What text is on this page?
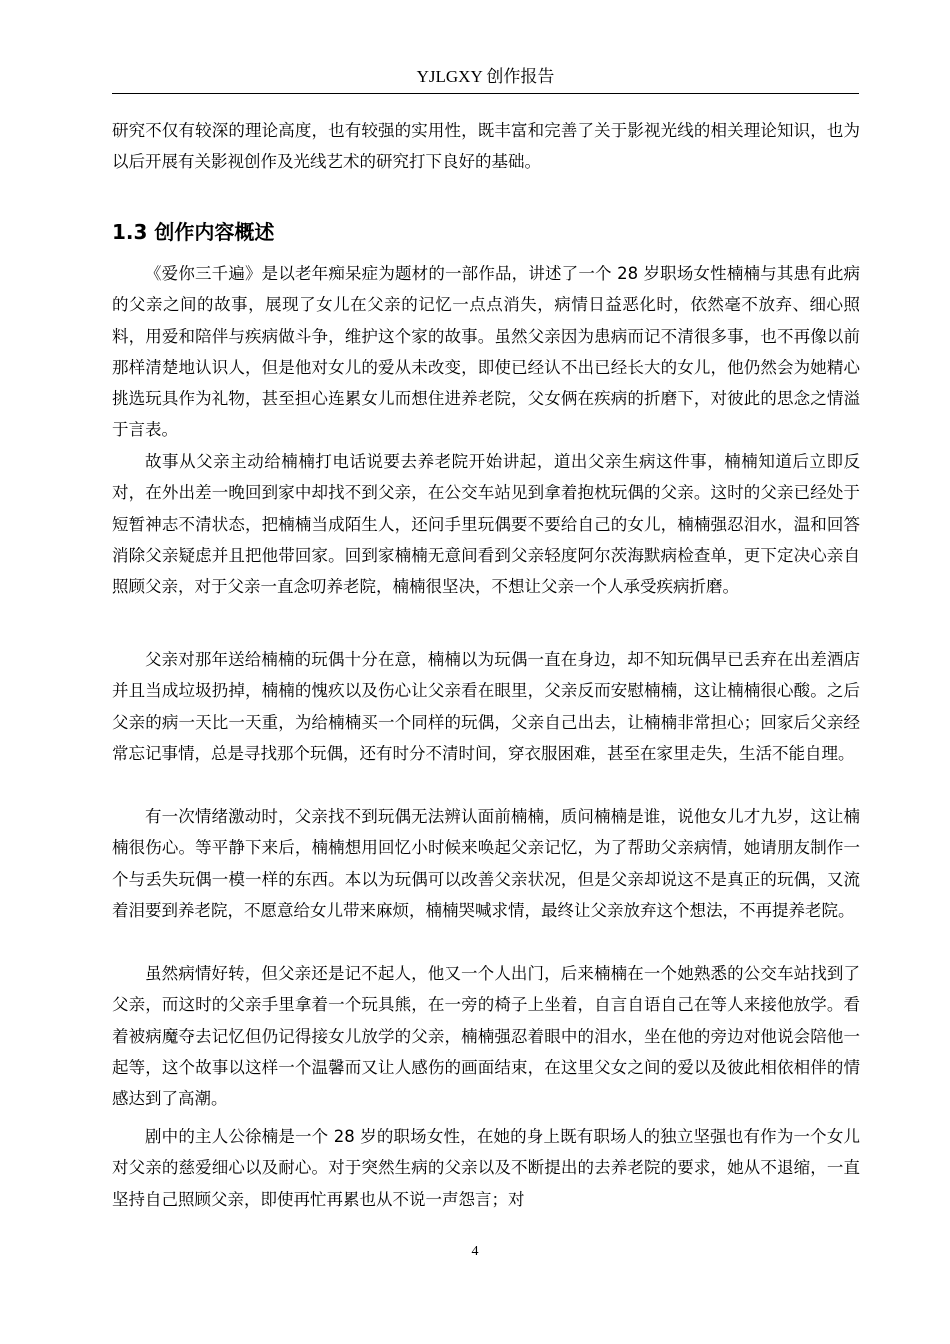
YJLGXY 创作报告

研究不仅有较深的理论高度，也有较强的实用性，既丰富和完善了关于影视光线的相关理论知识，也为以后开展有关影视创作及光线艺术的研究打下良好的基础。

1.3 创作内容概述

《爱你三千遍》是以老年痴呆症为题材的一部作品，讲述了一个 28 岁职场女性楠楠与其患有此病的父亲之间的故事，展现了女儿在父亲的记忆一点点消失，病情日益恶化时，依然毫不放弃、细心照料，用爱和陪伴与疾病做斗争，维护这个家的故事。虽然父亲因为患病而记不清很多事，也不再像以前那样清楚地认识人，但是他对女儿的爱从未改变，即使已经认不出已经长大的女儿，他仍然会为她精心挑选玩具作为礼物，甚至担心连累女儿而想住进养老院，父女俩在疾病的折磨下，对彼此的思念之情溢于言表。

故事从父亲主动给楠楠打电话说要去养老院开始讲起，道出父亲生病这件事，楠楠知道后立即反对，在外出差一晚回到家中却找不到父亲，在公交车站见到拿着抱枕玩偶的父亲。这时的父亲已经处于短暂神志不清状态，把楠楠当成陌生人，还问手里玩偶要不要给自己的女儿，楠楠强忍泪水，温和回答消除父亲疑虑并且把他带回家。回到家楠楠无意间看到父亲轻度阿尔茨海默病检查单，更下定决心亲自照顾父亲，对于父亲一直念叨养老院，楠楠很坚决，不想让父亲一个人承受疾病折磨。

父亲对那年送给楠楠的玩偶十分在意，楠楠以为玩偶一直在身边，却不知玩偶早已丢弃在出差酒店并且当成垃圾扔掉，楠楠的愧疚以及伤心让父亲看在眼里，父亲反而安慰楠楠，这让楠楠很心酸。之后父亲的病一天比一天重，为给楠楠买一个同样的玩偶，父亲自己出去，让楠楠非常担心；回家后父亲经常忘记事情，总是寻找那个玩偶，还有时分不清时间，穿衣服困难，甚至在家里走失，生活不能自理。

有一次情绪激动时，父亲找不到玩偶无法辨认面前楠楠，质问楠楠是谁，说他女儿才九岁，这让楠楠很伤心。等平静下来后，楠楠想用回忆小时候来唤起父亲记忆，为了帮助父亲病情，她请朋友制作一个与丢失玩偶一模一样的东西。本以为玩偶可以改善父亲状况，但是父亲却说这不是真正的玩偶，又流着泪要到养老院，不愿意给女儿带来麻烦，楠楠哭喊求情，最终让父亲放弃这个想法，不再提养老院。

虽然病情好转，但父亲还是记不起人，他又一个人出门，后来楠楠在一个她熟悉的公交车站找到了父亲，而这时的父亲手里拿着一个玩具熊，在一旁的椅子上坐着，自言自语自己在等人来接他放学。看着被病魔夺去记忆但仍记得接女儿放学的父亲，楠楠强忍着眼中的泪水，坐在他的旁边对他说会陪他一起等，这个故事以这样一个温馨而又让人感伤的画面结束，在这里父女之间的爱以及彼此相依相伴的情感达到了高潮。

剧中的主人公徐楠是一个 28 岁的职场女性，在她的身上既有职场人的独立坚强也有作为一个女儿对父亲的慈爱细心以及耐心。对于突然生病的父亲以及不断提出的去养老院的要求，她从不退缩，一直坚持自己照顾父亲，即使再忙再累也从不说一声怨言；对

4
